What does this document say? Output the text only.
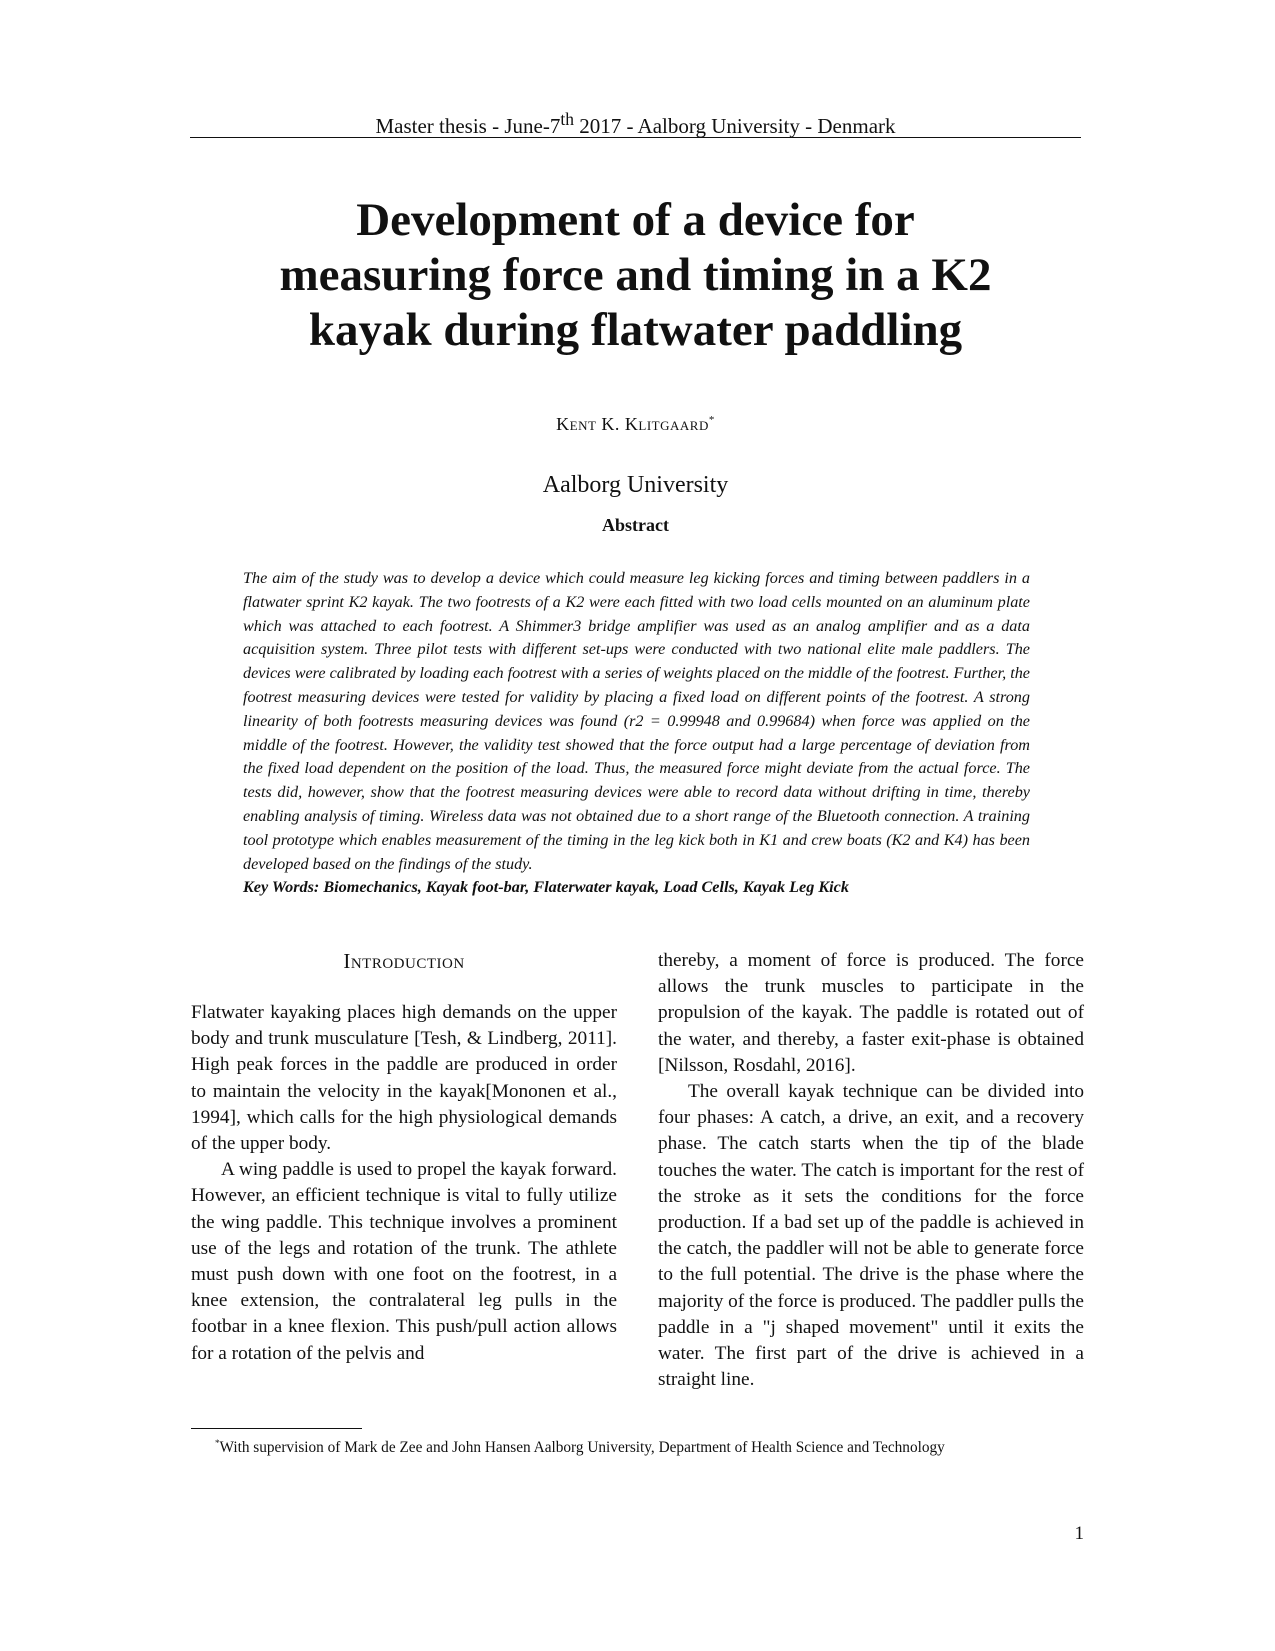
Master thesis - June-7th 2017 - Aalborg University - Denmark
Development of a device for
measuring force and timing in a K2
kayak during flatwater paddling
Kent K. Klitgaard*
Aalborg University
Abstract

The aim of the study was to develop a device which could measure leg kicking forces and timing between paddlers in a flatwater sprint K2 kayak. The two footrests of a K2 were each fitted with two load cells mounted on an aluminum plate which was attached to each footrest. A Shimmer3 bridge amplifier was used as an analog amplifier and as a data acquisition system. Three pilot tests with different set-ups were conducted with two national elite male paddlers. The devices were calibrated by loading each footrest with a series of weights placed on the middle of the footrest. Further, the footrest measuring devices were tested for validity by placing a fixed load on different points of the footrest. A strong linearity of both footrests measuring devices was found (r2 = 0.99948 and 0.99684) when force was applied on the middle of the footrest. However, the validity test showed that the force output had a large percentage of deviation from the fixed load dependent on the position of the load. Thus, the measured force might deviate from the actual force. The tests did, however, show that the footrest measuring devices were able to record data without drifting in time, thereby enabling analysis of timing. Wireless data was not obtained due to a short range of the Bluetooth connection. A training tool prototype which enables measurement of the timing in the leg kick both in K1 and crew boats (K2 and K4) has been developed based on the findings of the study.

Key Words: Biomechanics, Kayak foot-bar, Flaterwater kayak, Load Cells, Kayak Leg Kick
Introduction

Flatwater kayaking places high demands on the upper body and trunk musculature [Tesh, & Lindberg, 2011]. High peak forces in the paddle are produced in order to maintain the velocity in the kayak[Mononen et al., 1994], which calls for the high physiological demands of the upper body.

A wing paddle is used to propel the kayak forward. However, an efficient technique is vital to fully utilize the wing paddle. This technique involves a prominent use of the legs and rotation of the trunk. The athlete must push down with one foot on the footrest, in a knee extension, the contralateral leg pulls in the footbar in a knee flexion. This push/pull action allows for a rotation of the pelvis and

thereby, a moment of force is produced. The force allows the trunk muscles to participate in the propulsion of the kayak. The paddle is rotated out of the water, and thereby, a faster exit-phase is obtained [Nilsson, Rosdahl, 2016].

The overall kayak technique can be divided into four phases: A catch, a drive, an exit, and a recovery phase. The catch starts when the tip of the blade touches the water. The catch is important for the rest of the stroke as it sets the conditions for the force production. If a bad set up of the paddle is achieved in the catch, the paddler will not be able to generate force to the full potential. The drive is the phase where the majority of the force is produced. The paddler pulls the paddle in a "j shaped movement" until it exits the water. The first part of the drive is achieved in a straight line.

*With supervision of Mark de Zee and John Hansen Aalborg University, Department of Health Science and Technology
1
